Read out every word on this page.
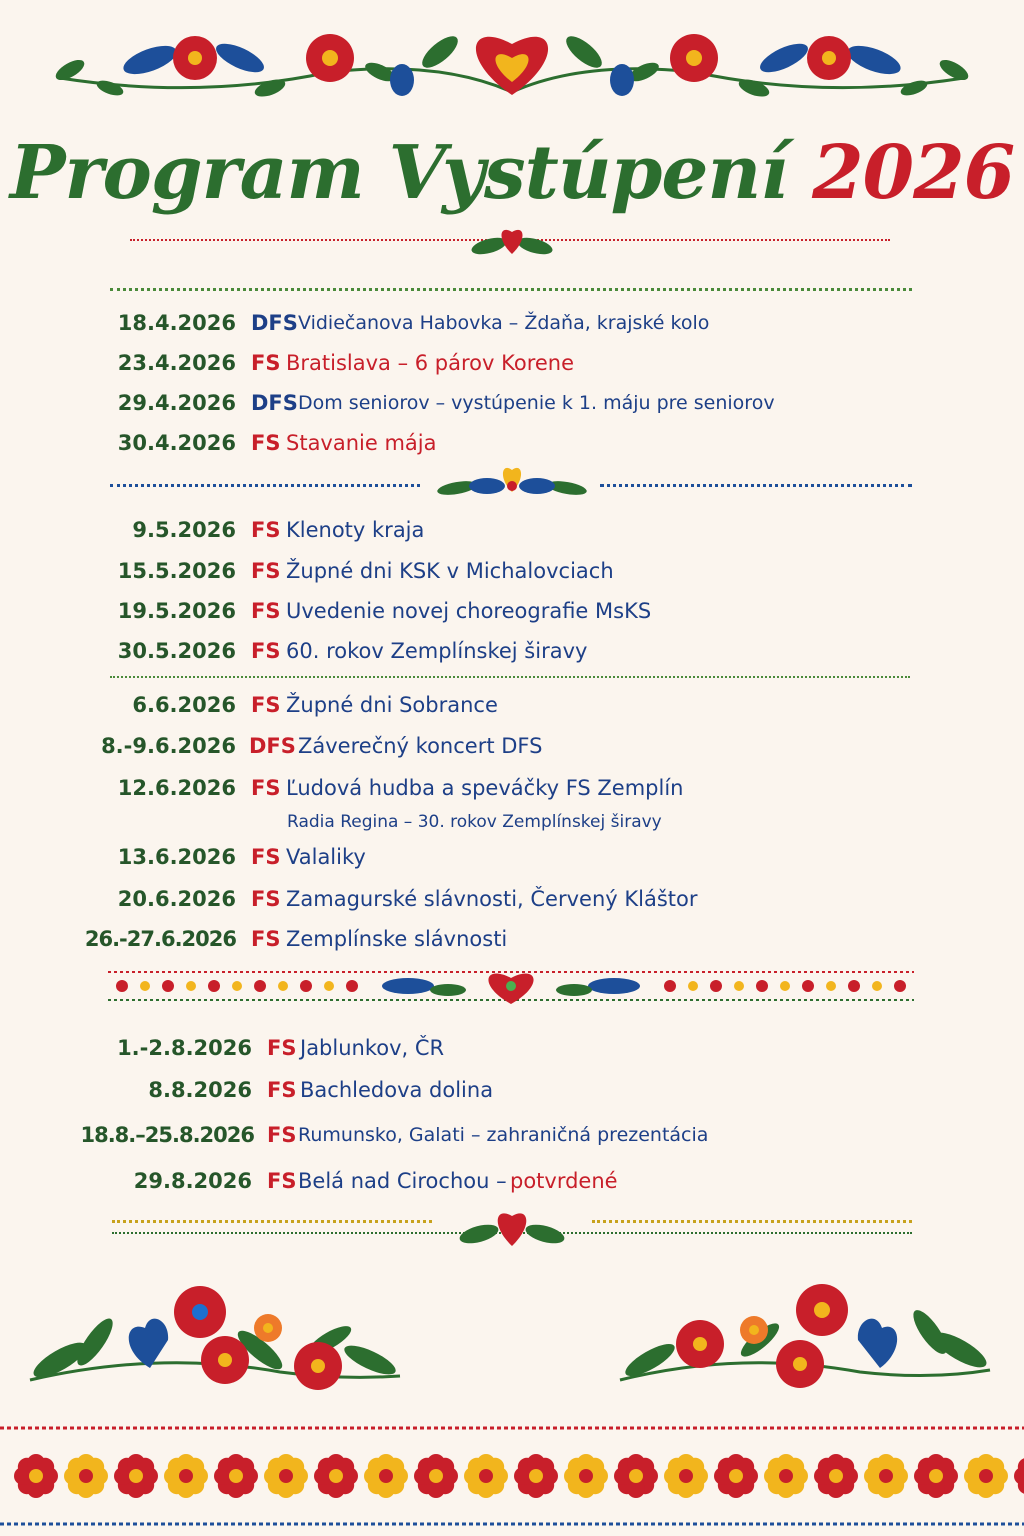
Program Vystúpení 2026
18.4.2026 DFS Vidiečanova Habovka – Ždaňa, krajské kolo
23.4.2026 FS Bratislava – 6 párov Korene
29.4.2026 DFS Dom seniorov – vystúpenie k 1. máju pre seniorov
30.4.2026 FS Stavanie mája
9.5.2026 FS Klenoty kraja
15.5.2026 FS Župné dni KSK v Michalovciach
19.5.2026 FS Uvedenie novej choreografie MsKS
30.5.2026 FS 60. rokov Zemplínskej širavy
6.6.2026 FS Župné dni Sobrance
8.-9.6.2026 DFS Záverečný koncert DFS
12.6.2026 FS Ľudová hudba a speváčky FS Zemplín
Radia Regina – 30. rokov Zemplínskej širavy
13.6.2026 FS Valaliky
20.6.2026 FS Zamagurské slávnosti, Červený Kláštor
26.-27.6.2026 FS Zemplínske slávnosti
1.-2.8.2026 FS Jablunkov, ČR
8.8.2026 FS Bachledova dolina
18.8.–25.8.2026 FS Rumunsko, Galati – zahraničná prezentácia
29.8.2026 FS Belá nad Cirochou – potvrdené
